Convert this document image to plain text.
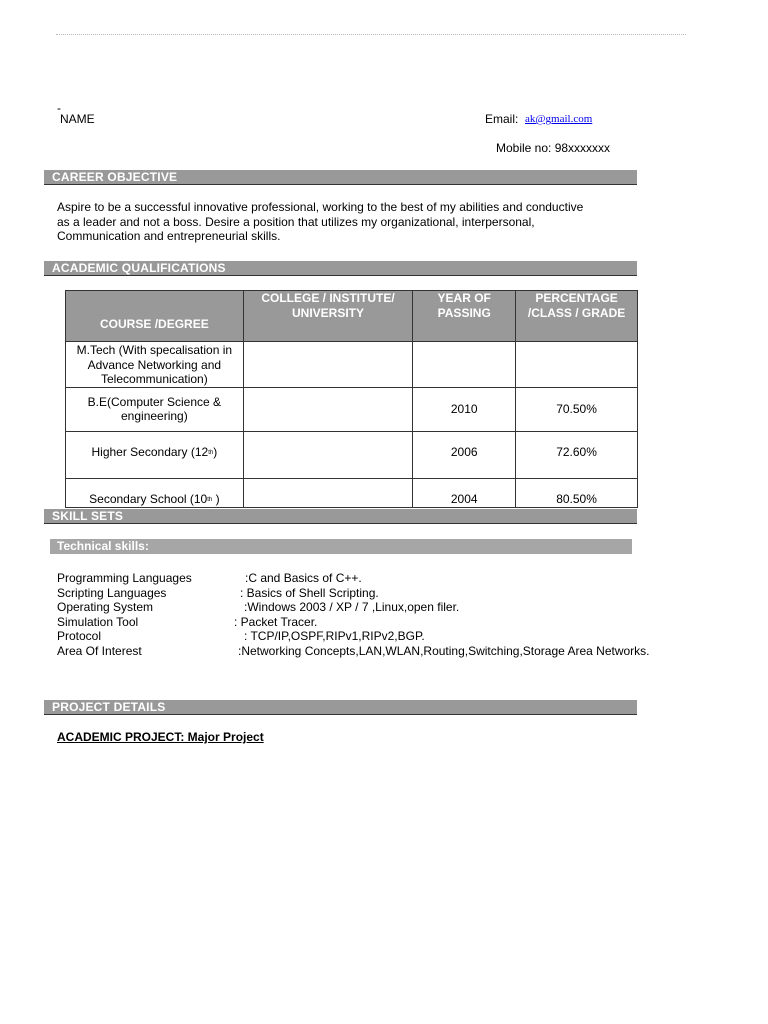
-
NAME	Email: ak@gmail.com
Mobile no: 98xxxxxxx
CAREER OBJECTIVE
Aspire to be a successful innovative professional, working to the best of my abilities and conductive
as a leader and not a boss. Desire a position that utilizes my organizational, interpersonal,
Communication and entrepreneurial skills.
ACADEMIC QUALIFICATIONS
COURSE /DEGREE	COLLEGE / INSTITUTE/ UNIVERSITY	YEAR OF PASSING	PERCENTAGE /CLASS / GRADE
M.Tech (With specalisation in Advance Networking and Telecommunication)			
B.E(Computer Science & engineering)		2010	70.50%
Higher Secondary (12th)		2006	72.60%
Secondary School (10th )		2004	80.50%
SKILL SETS
Technical skills:
Programming Languages	:C and Basics of C++.
Scripting Languages	: Basics of Shell Scripting.
Operating System	:Windows 2003 / XP / 7 ,Linux,open filer.
Simulation Tool	: Packet Tracer.
Protocol	: TCP/IP,OSPF,RIPv1,RIPv2,BGP.
Area Of Interest	:Networking Concepts,LAN,WLAN,Routing,Switching,Storage Area Networks.
PROJECT DETAILS
ACADEMIC PROJECT: Major Project
